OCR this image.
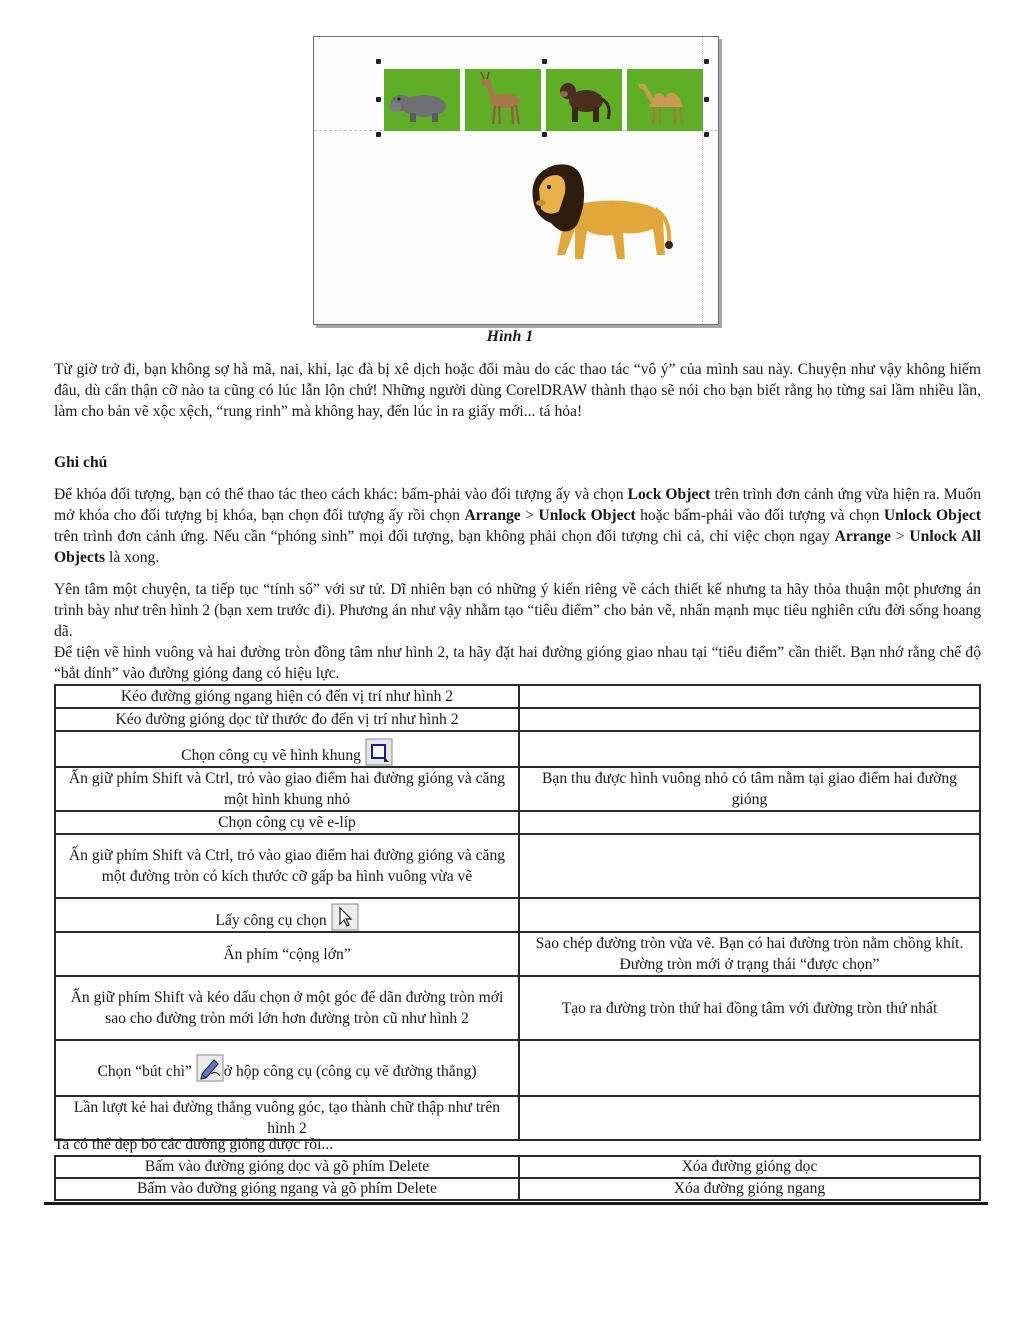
Hình 1

Từ giờ trở đi, bạn không sợ hà mã, nai, khỉ, lạc đà bị xê dịch hoặc đổi màu do các thao tác “vô ý” của mình sau này. Chuyện như vậy không hiếm đâu, dù cẩn thận cỡ nào ta cũng có lúc lẫn lộn chứ! Những người dùng CorelDRAW thành thạo sẽ nói cho bạn biết rằng họ từng sai lầm nhiều lần, làm cho bản vẽ xộc xệch, “rung rinh” mà không hay, đến lúc in ra giấy mới... tá hỏa!

Ghi chú

Để khóa đối tượng, bạn có thể thao tác theo cách khác: bấm-phải vào đối tượng ấy và chọn Lock Object trên trình đơn cảnh ứng vừa hiện ra. Muốn mở khóa cho đối tượng bị khóa, bạn chọn đối tượng ấy rồi chọn Arrange > Unlock Object hoặc bấm-phải vào đối tượng và chọn Unlock Object trên trình đơn cảnh ứng. Nếu cần “phóng sinh” mọi đối tượng, bạn không phải chọn đối tượng chi cả, chỉ việc chọn ngay Arrange > Unlock All Objects là xong.

Yên tâm một chuyện, ta tiếp tục “tính sổ” với sư tử. Dĩ nhiên bạn có những ý kiến riêng về cách thiết kế nhưng ta hãy thỏa thuận một phương án trình bày như trên hình 2 (bạn xem trước đi). Phương án như vậy nhằm tạo “tiêu điểm” cho bản vẽ, nhấn mạnh mục tiêu nghiên cứu đời sống hoang dã.

Để tiện vẽ hình vuông và hai đường tròn đồng tâm như hình 2, ta hãy đặt hai đường gióng giao nhau tại “tiêu điểm” cần thiết. Bạn nhớ rằng chế độ “bắt dính” vào đường gióng đang có hiệu lực.

Kéo đường gióng ngang hiện có đến vị trí như hình 2	
Kéo đường gióng dọc từ thước đo đến vị trí như hình 2	
Chọn công cụ vẽ hình khung	
Ấn giữ phím Shift và Ctrl, trỏ vào giao điểm hai đường gióng và căng một hình khung nhỏ	Bạn thu được hình vuông nhỏ có tâm nằm tại giao điểm hai đường gióng
Chọn công cụ vẽ e-líp	
Ấn giữ phím Shift và Ctrl, trỏ vào giao điểm hai đường gióng và căng một đường tròn có kích thước cỡ gấp ba hình vuông vừa vẽ	
Lấy công cụ chọn	
Ấn phím “cộng lớn”	Sao chép đường tròn vừa vẽ. Bạn có hai đường tròn nằm chồng khít. Đường tròn mới ở trạng thái “được chọn”
Ấn giữ phím Shift và kéo dấu chọn ở một góc để dãn đường tròn mới sao cho đường tròn mới lớn hơn đường tròn cũ như hình 2	Tạo ra đường tròn thứ hai đồng tâm với đường tròn thứ nhất
Chọn “bút chì” ở hộp công cụ (công cụ vẽ đường thẳng)	
Lần lượt kẻ hai đường thẳng vuông góc, tạo thành chữ thập như trên hình 2	

Ta có thể dẹp bỏ các đường gióng được rồi...

Bấm vào đường gióng dọc và gõ phím Delete	Xóa đường gióng dọc
Bấm vào đường gióng ngang và gõ phím Delete	Xóa đường gióng ngang
